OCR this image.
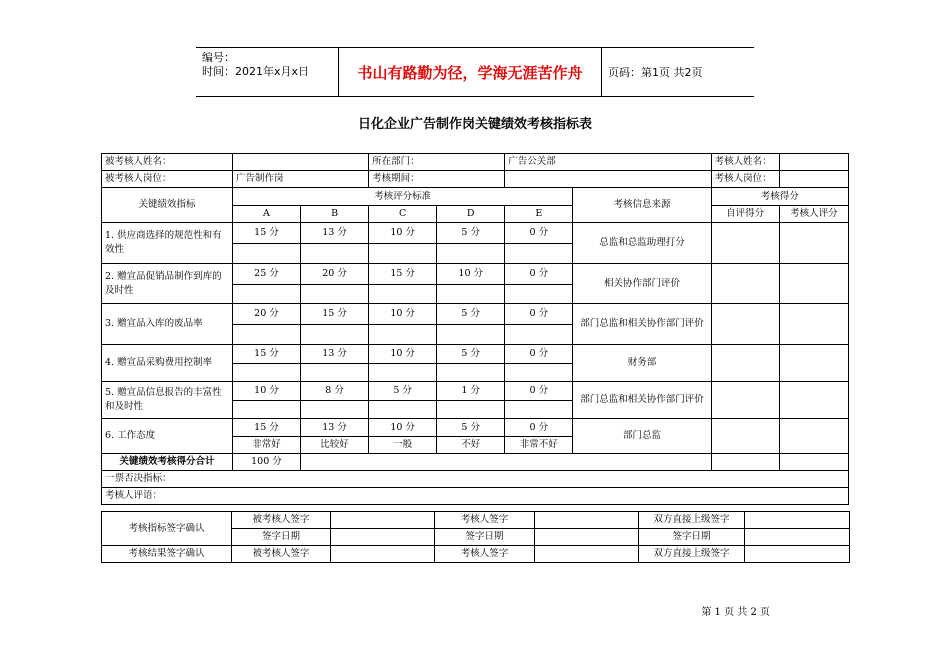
编号：
时间：2021年x月x日	书山有路勤为径，学海无涯苦作舟	页码：第1页 共2页
日化企业广告制作岗关键绩效考核指标表
被考核人姓名：			所在部门：		广告公关部		考核人姓名：	
被考核人岗位：	广告制作岗		考核期间：				考核人岗位：	
关键绩效指标	考核评分标准					考核信息来源	考核得分	
	A	B	C	D	E		自评得分	考核人评分
1. 供应商选择的规范性和有效性	15 分	13 分	10 分	5 分	0 分	总监和总监助理打分		

2. 赠宣品促销品制作到库的及时性	25 分	20 分	15 分	10 分	0 分	相关协作部门评价		

3. 赠宣品入库的废品率	20 分	15 分	10 分	5 分	0 分	部门总监和相关协作部门评价		

4. 赠宣品采购费用控制率	15 分	13 分	10 分	5 分	0 分	财务部		

5. 赠宣品信息报告的丰富性和及时性	10 分	8 分	5 分	1 分	0 分	部门总监和相关协作部门评价		

6. 工作态度	15 分	13 分	10 分	5 分	0 分	部门总监		
	非常好	比较好	一般	不好	非常不好			
关键绩效考核得分合计	100 分							
一票否决指标：								
考核人评语：								
考核指标签字确认	被考核人签字		考核人签字		双方直接上级签字	
	签字日期		签字日期		签字日期	
考核结果签字确认	被考核人签字		考核人签字		双方直接上级签字	
第 1 页 共 2 页
